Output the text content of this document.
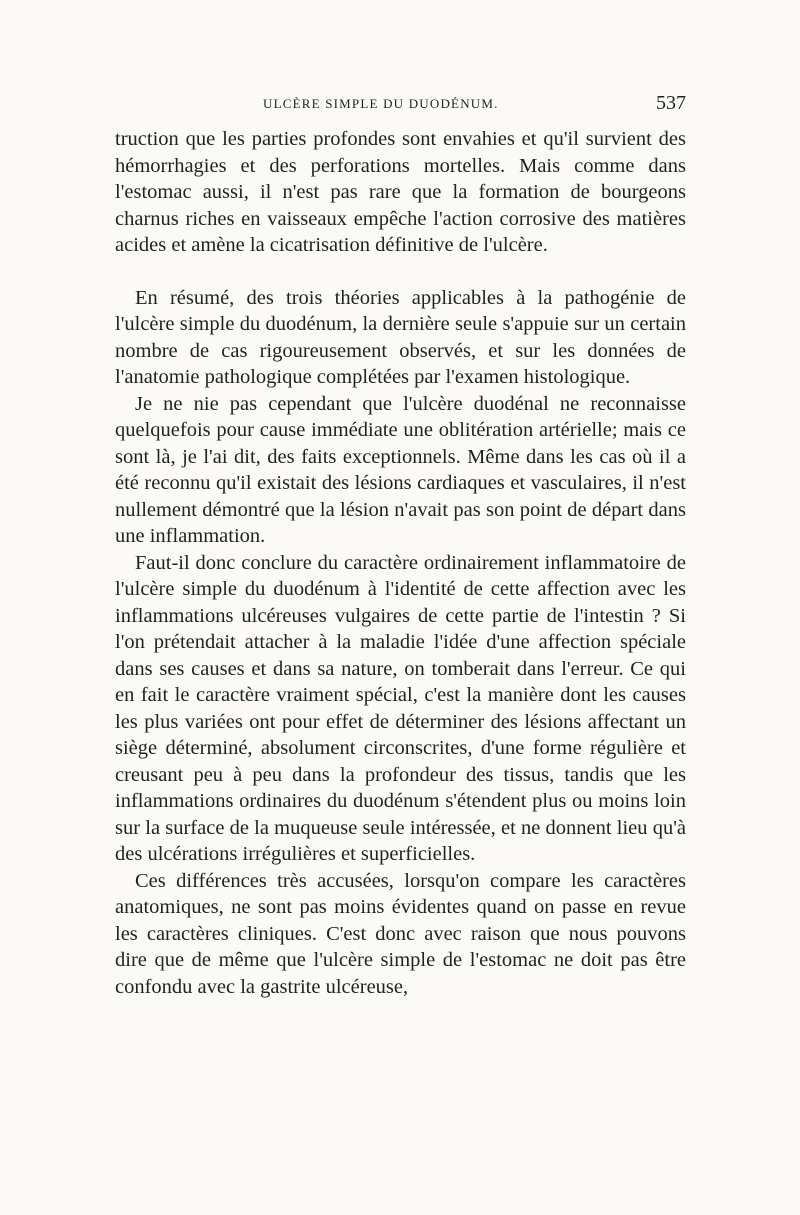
ULCÈRE SIMPLE DU DUODÉNUM.	537

truction que les parties profondes sont envahies et qu'il survient des hémorrhagies et des perforations mortelles. Mais comme dans l'estomac aussi, il n'est pas rare que la formation de bourgeons charnus riches en vaisseaux empêche l'action corrosive des matières acides et amène la cicatrisation définitive de l'ulcère.

En résumé, des trois théories applicables à la pathogénie de l'ulcère simple du duodénum, la dernière seule s'appuie sur un certain nombre de cas rigoureusement observés, et sur les données de l'anatomie pathologique complétées par l'examen histologique.

Je ne nie pas cependant que l'ulcère duodénal ne reconnaisse quelquefois pour cause immédiate une oblitération artérielle; mais ce sont là, je l'ai dit, des faits exceptionnels. Même dans les cas où il a été reconnu qu'il existait des lésions cardiaques et vasculaires, il n'est nullement démontré que la lésion n'avait pas son point de départ dans une inflammation.

Faut-il donc conclure du caractère ordinairement inflammatoire de l'ulcère simple du duodénum à l'identité de cette affection avec les inflammations ulcéreuses vulgaires de cette partie de l'intestin ? Si l'on prétendait attacher à la maladie l'idée d'une affection spéciale dans ses causes et dans sa nature, on tomberait dans l'erreur. Ce qui en fait le caractère vraiment spécial, c'est la manière dont les causes les plus variées ont pour effet de déterminer des lésions affectant un siège déterminé, absolument circonscrites, d'une forme régulière et creusant peu à peu dans la profondeur des tissus, tandis que les inflammations ordinaires du duodénum s'étendent plus ou moins loin sur la surface de la muqueuse seule intéressée, et ne donnent lieu qu'à des ulcérations irrégulières et superficielles.

Ces différences très accusées, lorsqu'on compare les caractères anatomiques, ne sont pas moins évidentes quand on passe en revue les caractères cliniques. C'est donc avec raison que nous pouvons dire que de même que l'ulcère simple de l'estomac ne doit pas être confondu avec la gastrite ulcéreuse,
